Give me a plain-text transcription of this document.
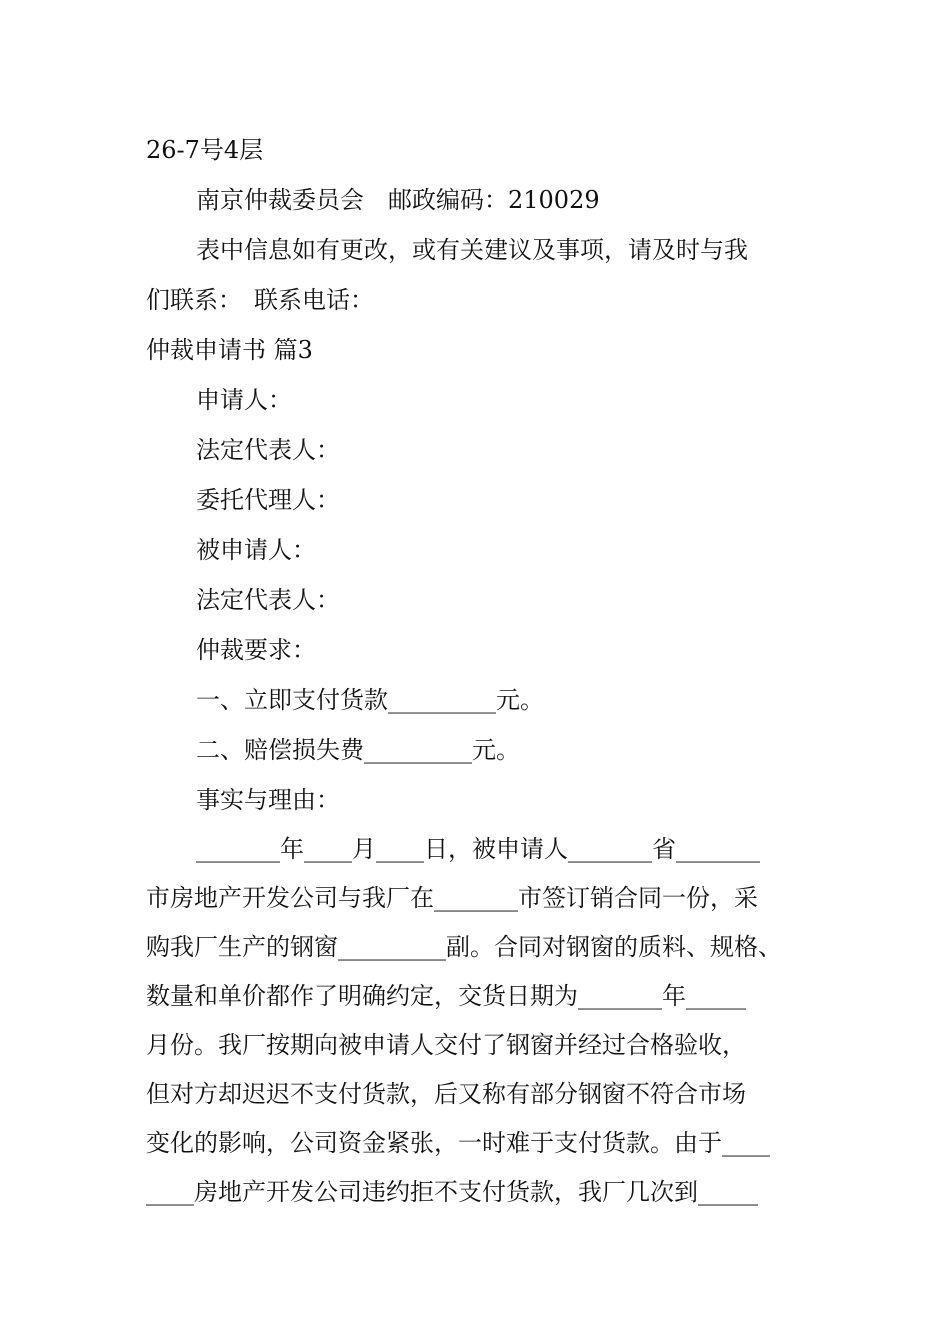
26-7号4层
南京仲裁委员会　邮政编码：210029
表中信息如有更改，或有关建议及事项，请及时与我
们联系：　联系电话：
仲裁申请书 篇3
申请人：
法定代表人：
委托代理人：
被申请人：
法定代表人：
仲裁要求：
一、立即支付货款_________元。
二、赔偿损失费_________元。
事实与理由：
_______年____月____日，被申请人_______省_______
市房地产开发公司与我厂在_______市签订销合同一份，采
购我厂生产的钢窗_________副。合同对钢窗的质料、规格、
数量和单价都作了明确约定，交货日期为_______年_____
月份。我厂按期向被申请人交付了钢窗并经过合格验收，
但对方却迟迟不支付货款，后又称有部分钢窗不符合市场
变化的影响，公司资金紧张，一时难于支付货款。由于____
____房地产开发公司违约拒不支付货款，我厂几次到_____
